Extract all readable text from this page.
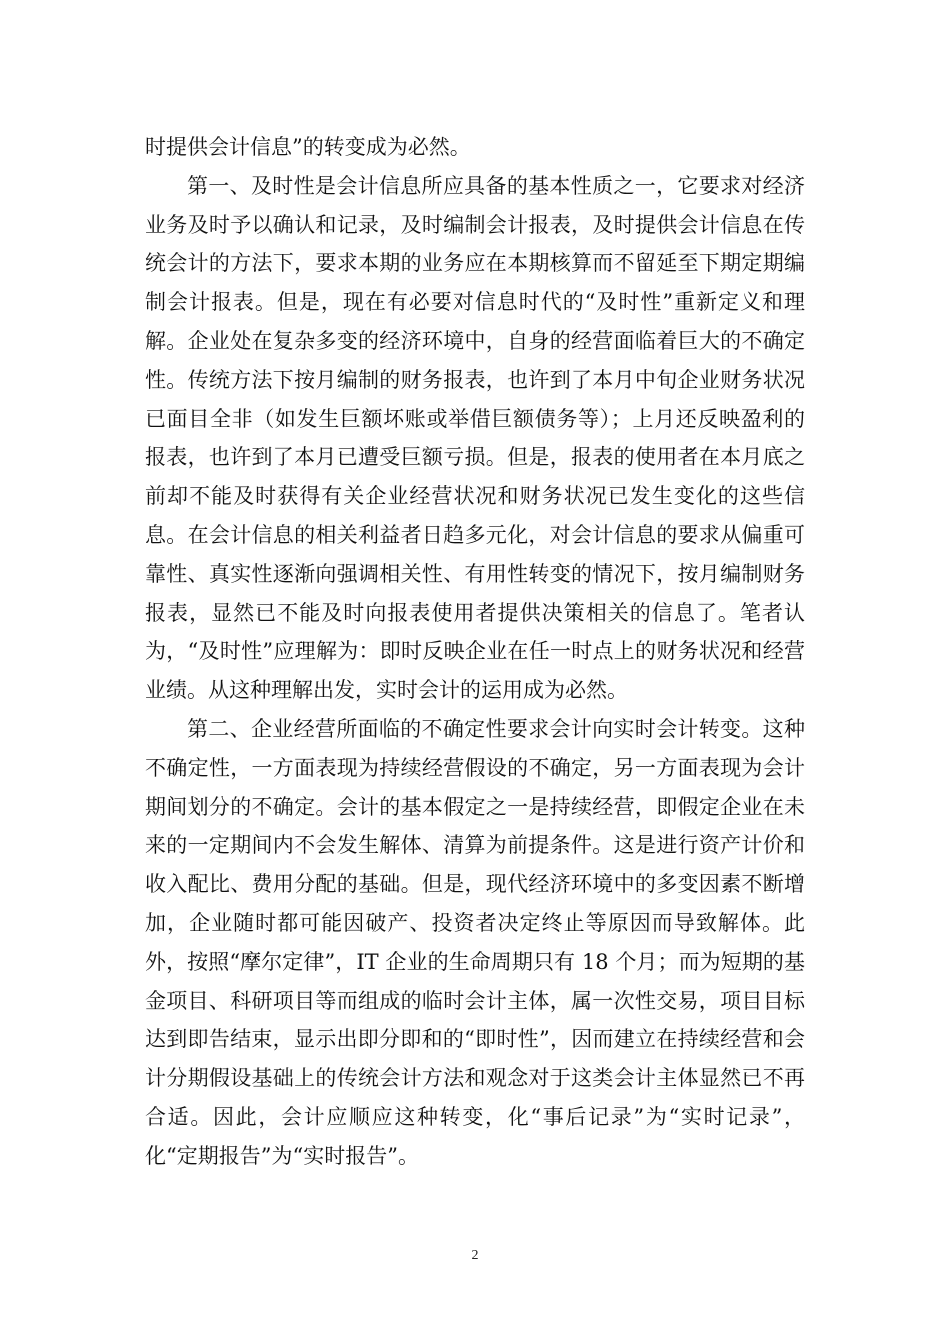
时提供会计信息”的转变成为必然。

第一、及时性是会计信息所应具备的基本性质之一，它要求对经济业务及时予以确认和记录，及时编制会计报表，及时提供会计信息在传统会计的方法下，要求本期的业务应在本期核算而不留延至下期定期编制会计报表。但是，现在有必要对信息时代的“及时性”重新定义和理解。企业处在复杂多变的经济环境中，自身的经营面临着巨大的不确定性。传统方法下按月编制的财务报表，也许到了本月中旬企业财务状况已面目全非（如发生巨额坏账或举借巨额债务等）；上月还反映盈利的报表，也许到了本月已遭受巨额亏损。但是，报表的使用者在本月底之前却不能及时获得有关企业经营状况和财务状况已发生变化的这些信息。在会计信息的相关利益者日趋多元化，对会计信息的要求从偏重可靠性、真实性逐渐向强调相关性、有用性转变的情况下，按月编制财务报表，显然已不能及时向报表使用者提供决策相关的信息了。笔者认为，“及时性”应理解为：即时反映企业在任一时点上的财务状况和经营业绩。从这种理解出发，实时会计的运用成为必然。

第二、企业经营所面临的不确定性要求会计向实时会计转变。这种不确定性，一方面表现为持续经营假设的不确定，另一方面表现为会计期间划分的不确定。会计的基本假定之一是持续经营，即假定企业在未来的一定期间内不会发生解体、清算为前提条件。这是进行资产计价和收入配比、费用分配的基础。但是，现代经济环境中的多变因素不断增加，企业随时都可能因破产、投资者决定终止等原因而导致解体。此外，按照“摩尔定律”，IT 企业的生命周期只有 18 个月；而为短期的基金项目、科研项目等而组成的临时会计主体，属一次性交易，项目目标达到即告结束，显示出即分即和的“即时性”，因而建立在持续经营和会计分期假设基础上的传统会计方法和观念对于这类会计主体显然已不再合适。因此，会计应顺应这种转变，化“事后记录”为“实时记录”，化“定期报告”为“实时报告”。

2
